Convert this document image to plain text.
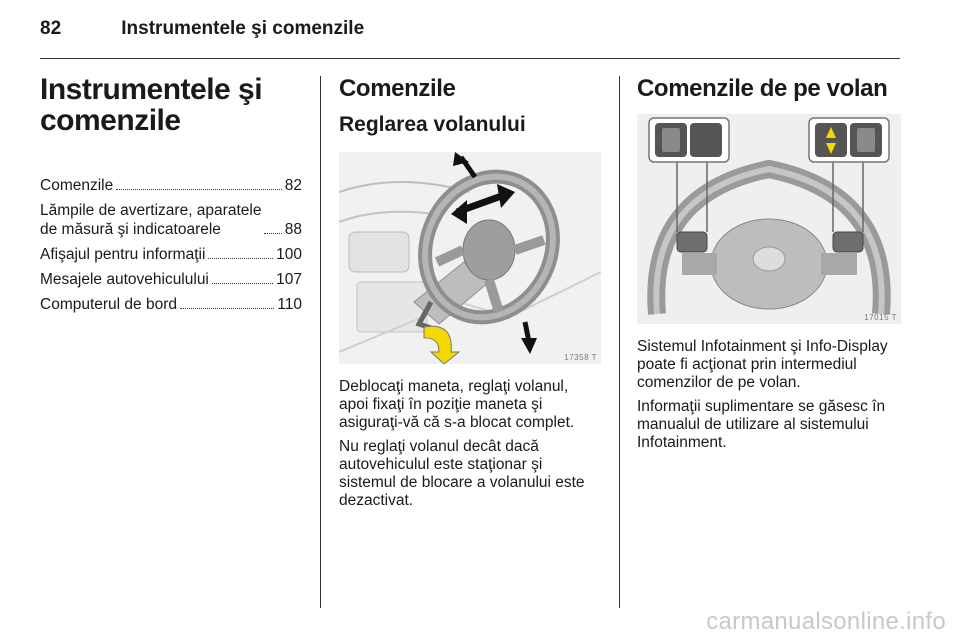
82	Instrumentele şi comenzile
Instrumentele şi comenzile
Comenzile	82
Lămpile de avertizare, aparatele
de măsură şi indicatoarele	88
Afişajul pentru informaţii	100
Mesajele autovehiculului	107
Computerul de bord	110
Comenzile
Reglarea volanului
17358 T

Deblocaţi maneta, reglaţi volanul, apoi fixaţi în poziţie maneta şi asiguraţi-vă că s-a blocat complet.

Nu reglaţi volanul decât dacă autovehiculul este staţionar şi sistemul de blocare a volanului este dezactivat.

Comenzile de pe volan
17015 T

Sistemul Infotainment şi Info-Display poate fi acţionat prin intermediul comenzilor de pe volan.

Informaţii suplimentare se găsesc în manualul de utilizare al sistemului Infotainment.

carmanualsonline.info
